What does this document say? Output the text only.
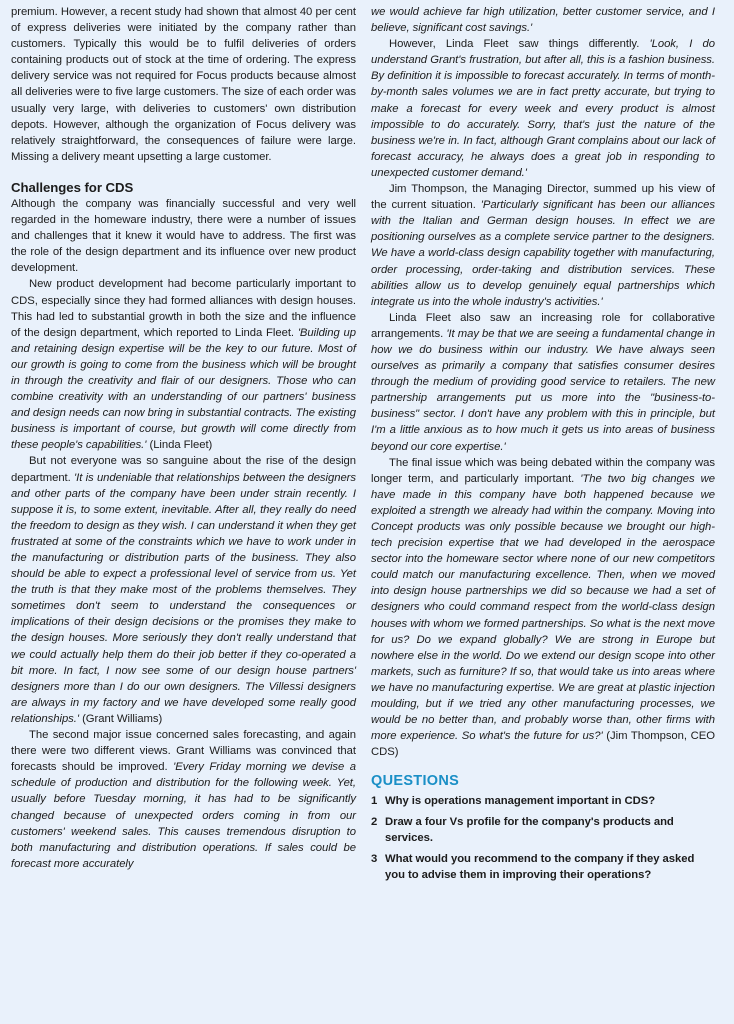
premium. However, a recent study had shown that almost 40 per cent of express deliveries were initiated by the company rather than customers. Typically this would be to fulfil deliveries of orders containing products out of stock at the time of ordering. The express delivery service was not required for Focus products because almost all deliveries were to five large customers. The size of each order was usually very large, with deliveries to customers' own distribution depots. However, although the organization of Focus delivery was relatively straightforward, the consequences of failure were large. Missing a delivery meant upsetting a large customer.

Challenges for CDS

Although the company was financially successful and very well regarded in the homeware industry, there were a number of issues and challenges that it knew it would have to address. The first was the role of the design department and its influence over new product development.

New product development had become particularly important to CDS, especially since they had formed alliances with design houses. This had led to substantial growth in both the size and the influence of the design department, which reported to Linda Fleet. 'Building up and retaining design expertise will be the key to our future. Most of our growth is going to come from the business which will be brought in through the creativity and flair of our designers. Those who can combine creativity with an understanding of our partners' business and design needs can now bring in substantial contracts. The existing business is important of course, but growth will come directly from these people's capabilities.' (Linda Fleet)

But not everyone was so sanguine about the rise of the design department. 'It is undeniable that relationships between the designers and other parts of the company have been under strain recently. I suppose it is, to some extent, inevitable. After all, they really do need the freedom to design as they wish. I can understand it when they get frustrated at some of the constraints which we have to work under in the manufacturing or distribution parts of the business. They also should be able to expect a professional level of service from us. Yet the truth is that they make most of the problems themselves. They sometimes don't seem to understand the consequences or implications of their design decisions or the promises they make to the design houses. More seriously they don't really understand that we could actually help them do their job better if they co-operated a bit more. In fact, I now see some of our design house partners' designers more than I do our own designers. The Villessi designers are always in my factory and we have developed some really good relationships.' (Grant Williams)

The second major issue concerned sales forecasting, and again there were two different views. Grant Williams was convinced that forecasts should be improved. 'Every Friday morning we devise a schedule of production and distribution for the following week. Yet, usually before Tuesday morning, it has had to be significantly changed because of unexpected orders coming in from our customers' weekend sales. This causes tremendous disruption to both manufacturing and distribution operations. If sales could be forecast more accurately

we would achieve far high utilization, better customer service, and I believe, significant cost savings.'

However, Linda Fleet saw things differently. 'Look, I do understand Grant's frustration, but after all, this is a fashion business. By definition it is impossible to forecast accurately. In terms of month-by-month sales volumes we are in fact pretty accurate, but trying to make a forecast for every week and every product is almost impossible to do accurately. Sorry, that's just the nature of the business we're in. In fact, although Grant complains about our lack of forecast accuracy, he always does a great job in responding to unexpected customer demand.'

Jim Thompson, the Managing Director, summed up his view of the current situation. 'Particularly significant has been our alliances with the Italian and German design houses. In effect we are positioning ourselves as a complete service partner to the designers. We have a world-class design capability together with manufacturing, order processing, order-taking and distribution services. These abilities allow us to develop genuinely equal partnerships which integrate us into the whole industry's activities.'

Linda Fleet also saw an increasing role for collaborative arrangements. 'It may be that we are seeing a fundamental change in how we do business within our industry. We have always seen ourselves as primarily a company that satisfies consumer desires through the medium of providing good service to retailers. The new partnership arrangements put us more into the "business-to-business" sector. I don't have any problem with this in principle, but I'm a little anxious as to how much it gets us into areas of business beyond our core expertise.'

The final issue which was being debated within the company was longer term, and particularly important. 'The two big changes we have made in this company have both happened because we exploited a strength we already had within the company. Moving into Concept products was only possible because we brought our high-tech precision expertise that we had developed in the aerospace sector into the homeware sector where none of our new competitors could match our manufacturing excellence. Then, when we moved into design house partnerships we did so because we had a set of designers who could command respect from the world-class design houses with whom we formed partnerships. So what is the next move for us? Do we expand globally? We are strong in Europe but nowhere else in the world. Do we extend our design scope into other markets, such as furniture? If so, that would take us into areas where we have no manufacturing expertise. We are great at plastic injection moulding, but if we tried any other manufacturing processes, we would be no better than, and probably worse than, other firms with more experience. So what's the future for us?' (Jim Thompson, CEO CDS)

QUESTIONS
1 Why is operations management important in CDS?
2 Draw a four Vs profile for the company's products and services.
3 What would you recommend to the company if they asked you to advise them in improving their operations?
